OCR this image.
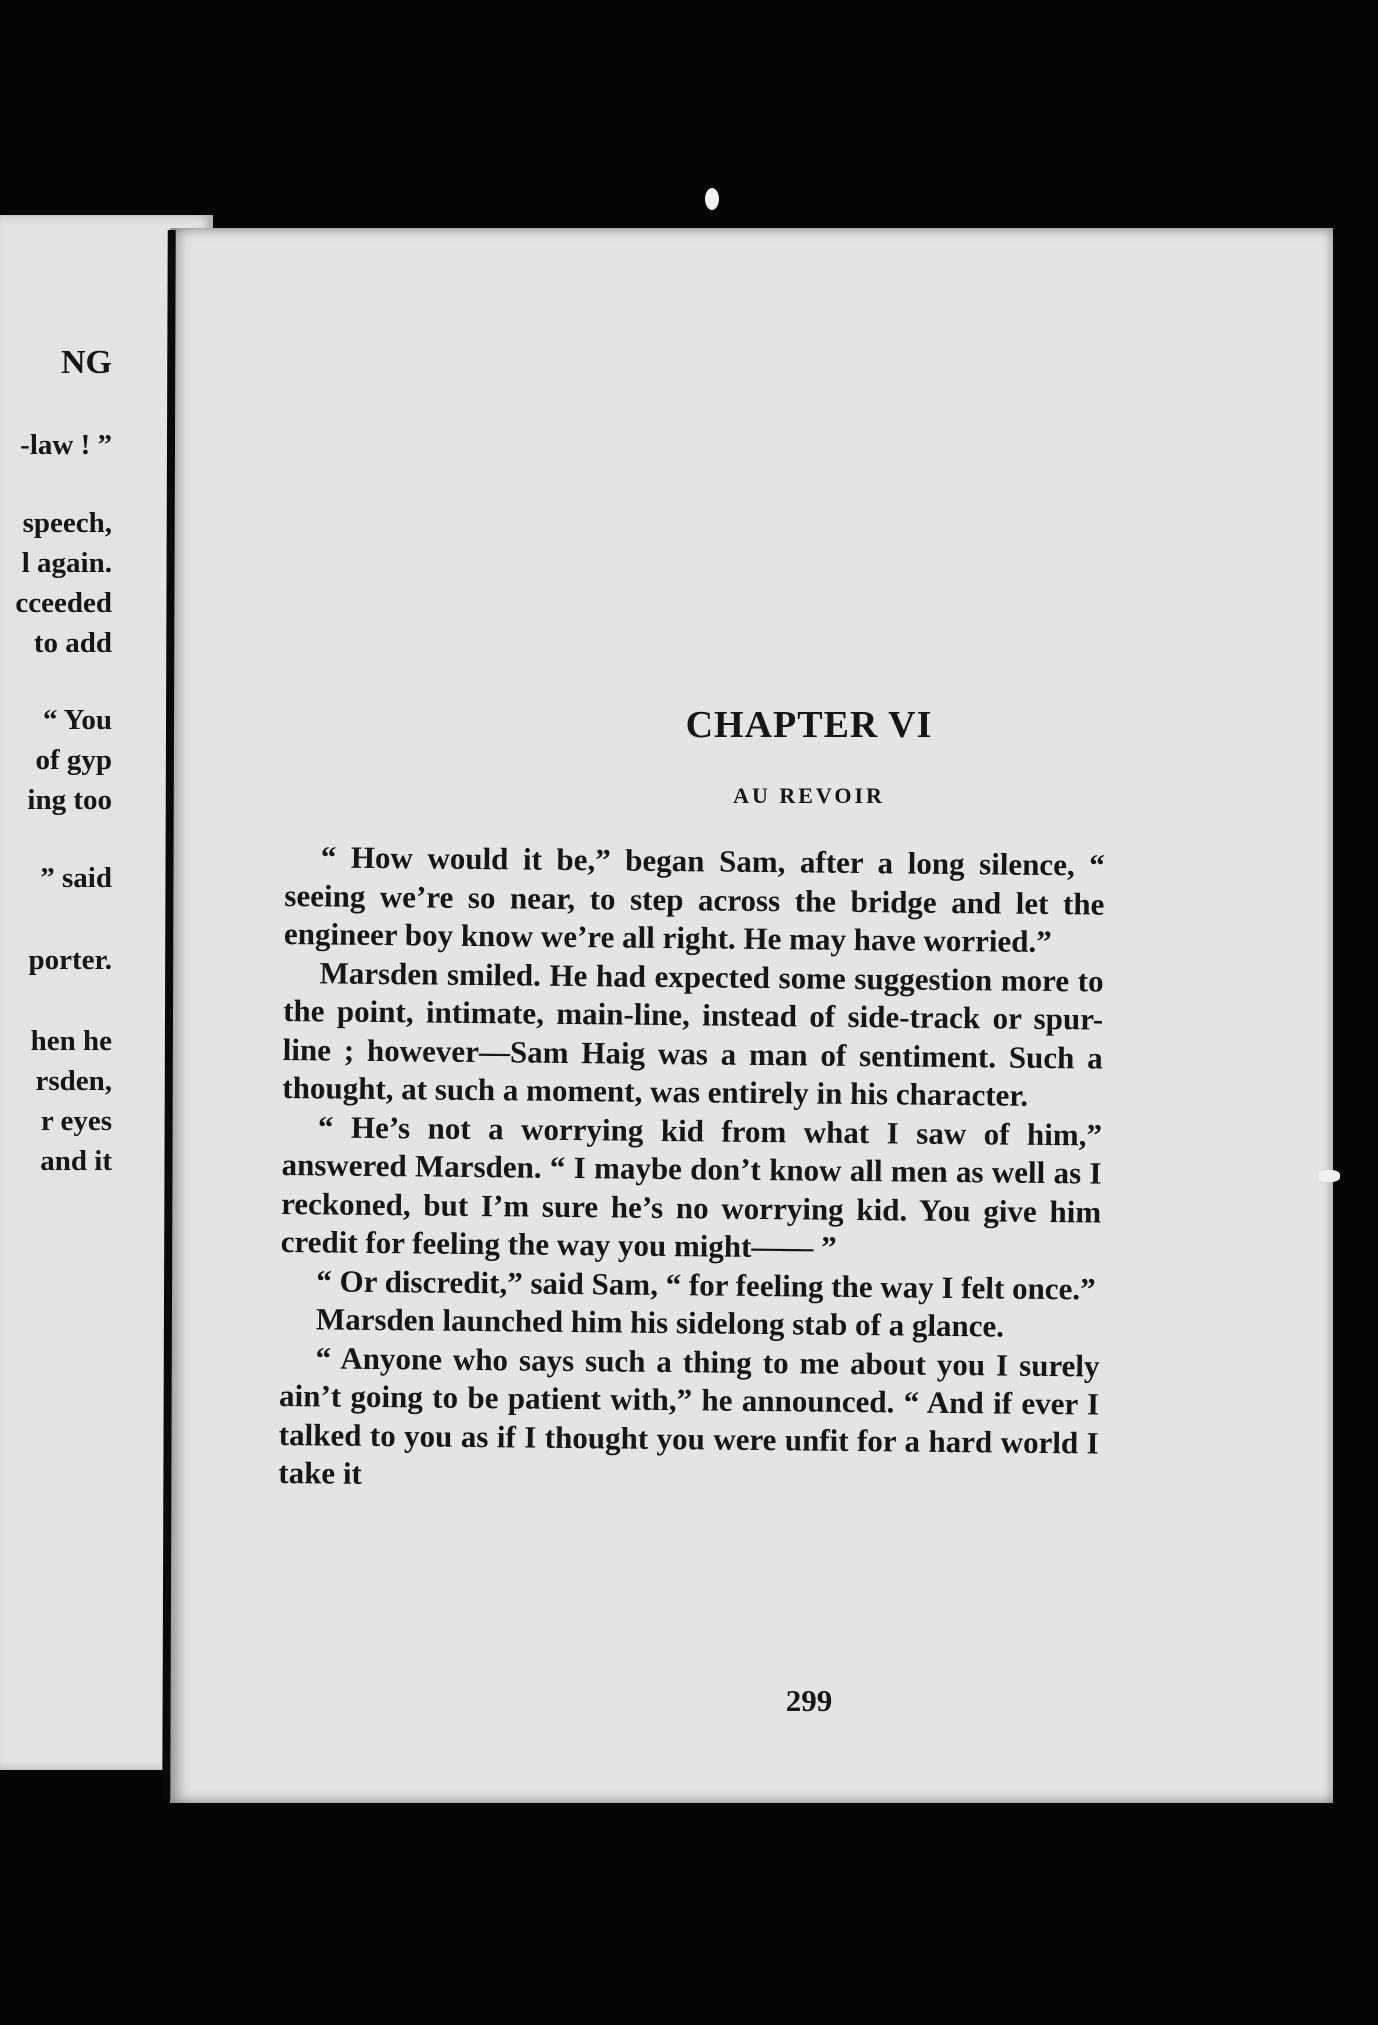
NG
-law ! ”
speech,
l again.
cceeded
to add
“ You
of gyp
ing too
” said
porter.
hen he
rsden,
r eyes
and it
CHAPTER VI
AU REVOIR

“ How would it be,” began Sam, after a long silence, “ seeing we’re so near, to step across the bridge and let the engineer boy know we’re all right. He may have worried.”

Marsden smiled. He had expected some suggestion more to the point, intimate, main-line, instead of side-track or spur-line ; however—Sam Haig was a man of sentiment. Such a thought, at such a moment, was entirely in his character.

“ He’s not a worrying kid from what I saw of him,” answered Marsden. “ I maybe don’t know all men as well as I reckoned, but I’m sure he’s no worrying kid. You give him credit for feeling the way you might—— ”

“ Or discredit,” said Sam, “ for feeling the way I felt once.”

Marsden launched him his sidelong stab of a glance.

“ Anyone who says such a thing to me about you I surely ain’t going to be patient with,” he announced. “ And if ever I talked to you as if I thought you were unfit for a hard world I take it

299
